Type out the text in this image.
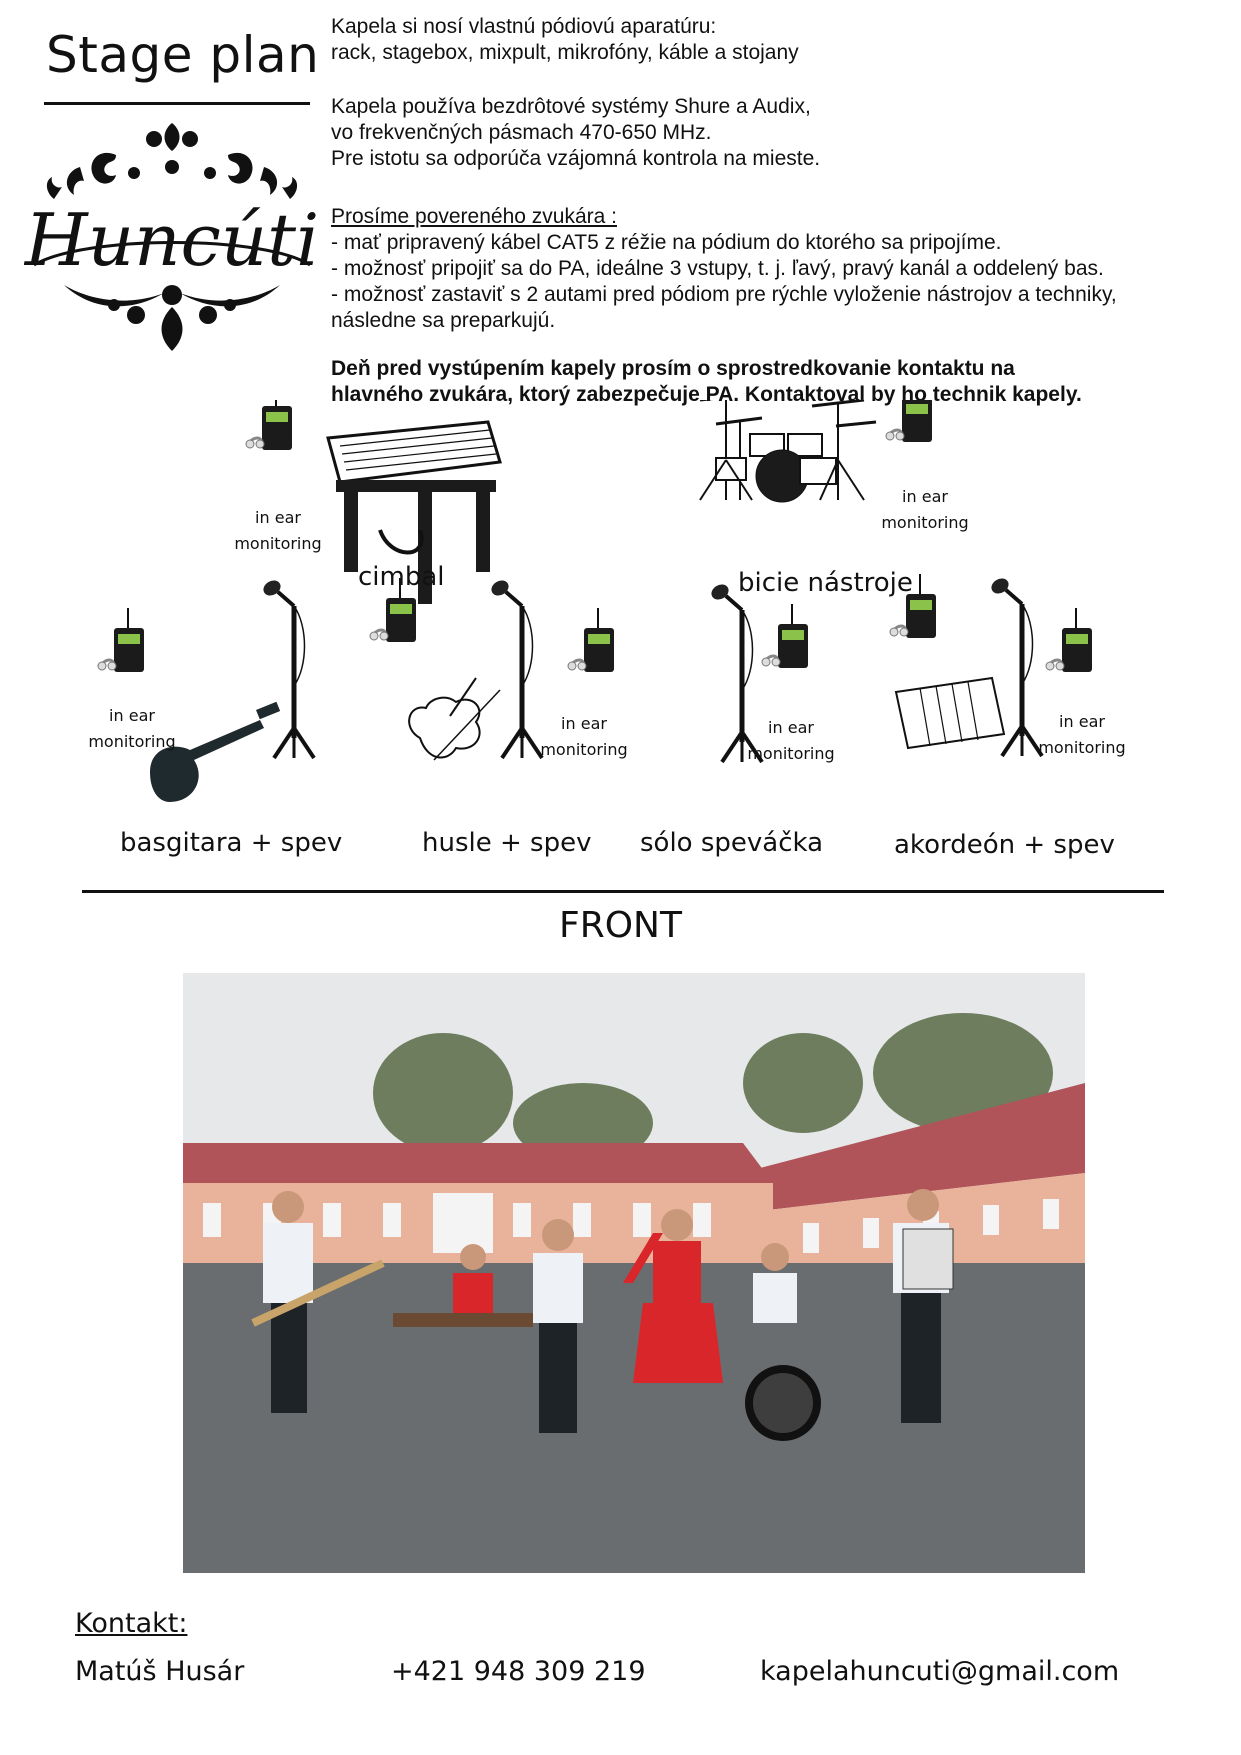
Stage plan
Huncúti
Kapela si nosí vlastnú pódiovú aparatúru:
rack, stagebox, mixpult, mikrofóny, káble a stojany
Kapela používa bezdrôtové systémy Shure a Audix,
vo frekvenčných pásmach 470-650 MHz.
Pre istotu sa odporúča vzájomná kontrola na mieste.
Prosíme povereného zvukára :
- mať pripravený kábel CAT5 z réžie na pódium do ktorého sa pripojíme.
- možnosť pripojiť sa do PA, ideálne 3 vstupy, t. j. ľavý, pravý kanál a oddelený bas.
- možnosť zastaviť s 2 autami pred pódiom pre rýchle vyloženie nástrojov a techniky,
následne sa preparkujú.
Deň pred vystúpením kapely prosím o sprostredkovanie kontaktu na
hlavného zvukára, ktorý zabezpečuje PA. Kontaktoval by ho technik kapely.
in ear
monitoring
in ear
monitoring
in ear
monitoring
in ear
monitoring
in ear
monitoring
in ear
monitoring
cimbal	bicie nástroje
basgitara + spev	husle + spev sólo speváčka	akordeón + spev
FRONT
Kontakt:
Matúš Husár	+421 948 309 219	kapelahuncuti@gmail.com
